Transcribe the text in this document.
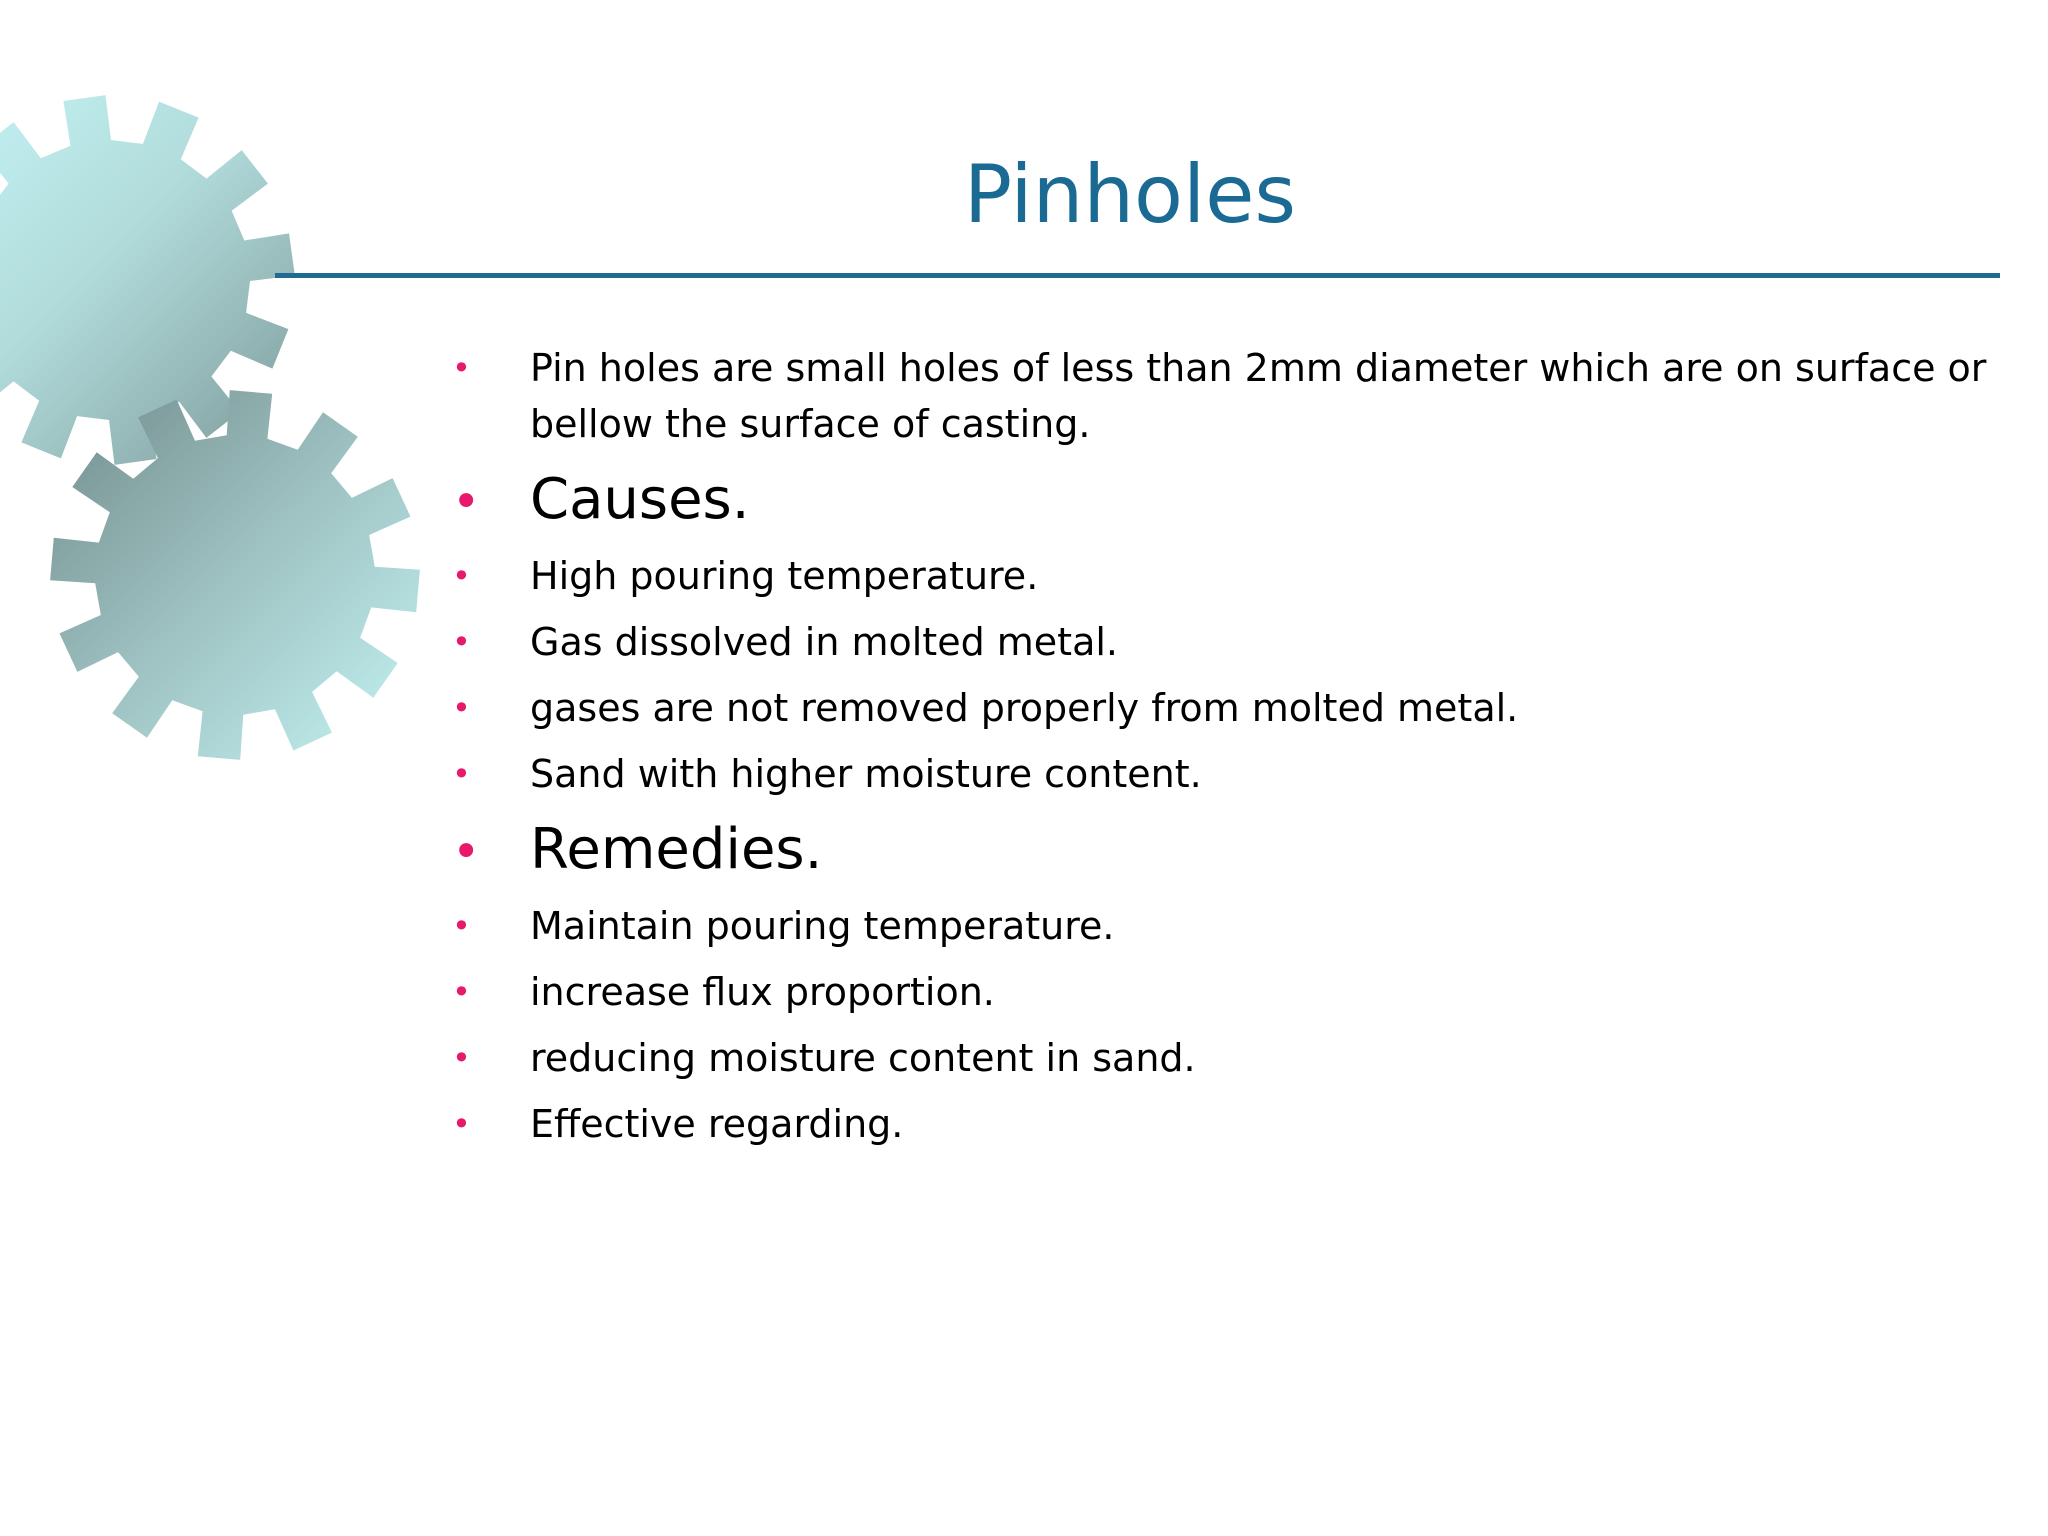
Pinholes
• Pin holes are small holes of less than 2mm diameter which are on surface or bellow the surface of casting.
• Causes.
• High pouring temperature.
• Gas dissolved in molted metal.
• gases are not removed properly from molted metal.
• Sand with higher moisture content.
• Remedies.
• Maintain pouring temperature.
• increase flux proportion.
• reducing moisture content in sand.
• Effective regarding.
